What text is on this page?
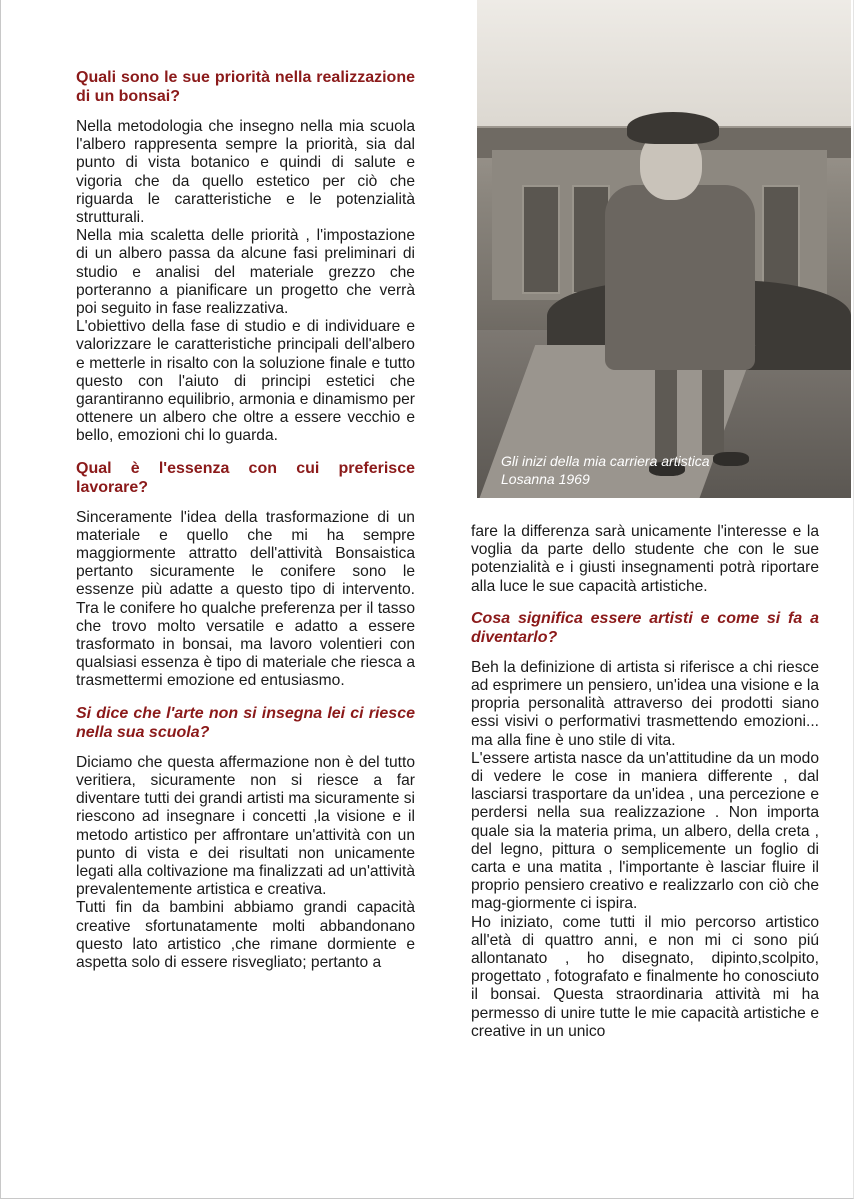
Quali sono le sue priorità nella realizzazione di un bonsai?

Nella metodologia che insegno nella mia scuola l'albero rappresenta sempre la priorità, sia dal punto di vista botanico e quindi di salute e vigoria che da quello estetico per ciò che riguarda le caratteristiche e le potenzialità strutturali.

Nella mia scaletta delle priorità , l'impostazione di un albero passa da alcune fasi preliminari di studio e analisi del materiale grezzo che porteranno a pianificare un progetto che verrà poi seguito in fase realizzativa.

L'obiettivo della fase di studio e di individuare e valorizzare le caratteristiche principali dell'albero e metterle in risalto con la soluzione finale e tutto questo con l'aiuto di principi estetici che garantiranno equilibrio, armonia e dinamismo per ottenere un albero che oltre a essere vecchio e bello, emozioni chi lo guarda.

Qual è l'essenza con cui preferisce lavorare?

Sinceramente l'idea della trasformazione di un materiale e quello che mi ha sempre maggiormente attratto dell'attività Bonsaistica pertanto sicuramente le conifere sono le essenze più adatte a questo tipo di intervento. Tra le conifere ho qualche preferenza per il tasso che trovo molto versatile e adatto a essere trasformato in bonsai, ma lavoro volentieri con qualsiasi essenza è tipo di materiale che riesca a trasmettermi emozione ed entusiasmo.

Si dice che l'arte non si insegna lei ci riesce nella sua scuola?

Diciamo che questa affermazione non è del tutto veritiera, sicuramente non si riesce a far diventare tutti dei grandi artisti ma sicuramente si riescono ad insegnare i concetti ,la visione e il metodo artistico per affrontare un'attività con un punto di vista e dei risultati non unicamente legati alla coltivazione ma finalizzati ad un'attività prevalentemente artistica e creativa.

Tutti fin da bambini abbiamo grandi capacità creative sfortunatamente molti abbandonano questo lato artistico ,che rimane dormiente e aspetta solo di essere risvegliato; pertanto a

Gli inizi della mia carriera artistica
Losanna 1969

fare la differenza sarà unicamente l'interesse e la voglia da parte dello studente che con le sue potenzialità e i giusti insegnamenti potrà riportare alla luce le sue capacità artistiche.

Cosa significa essere artisti e come si fa a diventarlo?

Beh la definizione di artista si riferisce a chi riesce ad esprimere un pensiero, un'idea una visione e la propria personalità attraverso dei prodotti siano essi visivi o performativi trasmettendo emozioni... ma alla fine è uno stile di vita.

L'essere artista nasce da un'attitudine da un modo di vedere le cose in maniera differente , dal lasciarsi trasportare da un'idea , una percezione e perdersi nella sua realizzazione . Non importa quale sia la materia prima, un albero, della creta , del legno, pittura o semplicemente un foglio di carta e una matita , l'importante è lasciar fluire il proprio pensiero creativo e realizzarlo con ciò che mag-giormente ci ispira.

Ho iniziato, come tutti il mio percorso artistico all'età di quattro anni, e non mi ci sono piú allontanato , ho disegnato, dipinto,scolpito, progettato , fotografato e finalmente ho conosciuto il bonsai. Questa straordinaria attività mi ha permesso di unire tutte le mie capacità artistiche e creative in un unico
